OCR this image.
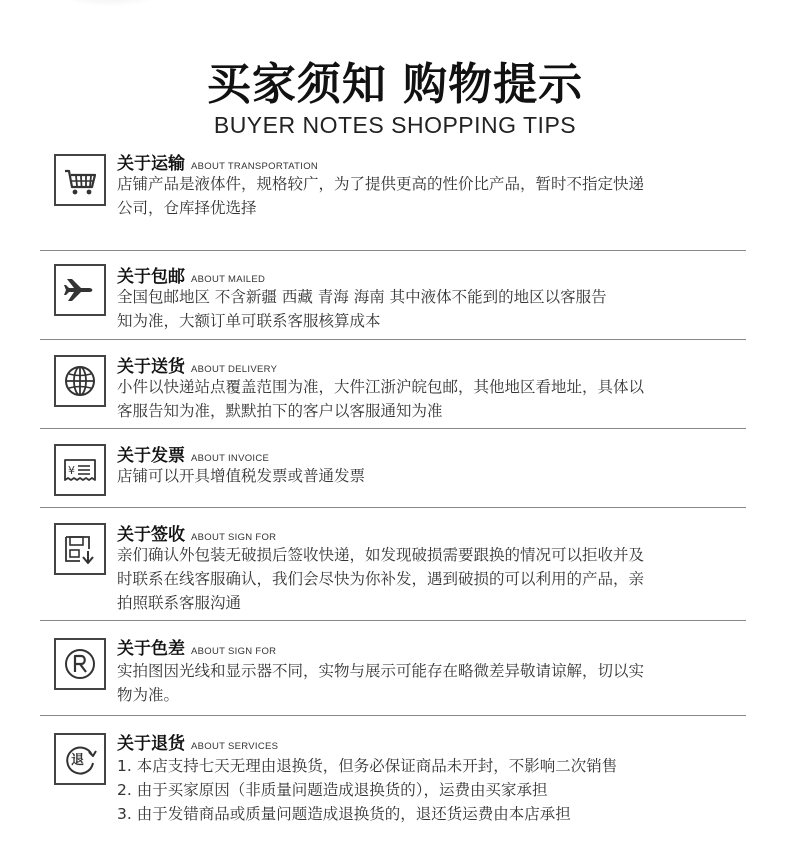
买家须知 购物提示
BUYER NOTES SHOPPING TIPS
关于运输 ABOUT TRANSPORTATION
店铺产品是液体件，规格较广，为了提供更高的性价比产品，暂时不指定快递
公司，仓库择优选择
关于包邮 ABOUT MAILED
全国包邮地区 不含新疆 西藏 青海 海南 其中液体不能到的地区以客服告
知为准，大额订单可联系客服核算成本
关于送货 ABOUT DELIVERY
小件以快递站点覆盖范围为准，大件江浙沪皖包邮，其他地区看地址，具体以
客服告知为准，默默拍下的客户以客服通知为准
¥
关于发票 ABOUT INVOICE
店铺可以开具增值税发票或普通发票
关于签收 ABOUT SIGN FOR
亲们确认外包装无破损后签收快递，如发现破损需要跟换的情况可以拒收并及
时联系在线客服确认，我们会尽快为你补发，遇到破损的可以利用的产品，亲
拍照联系客服沟通
关于色差 ABOUT SIGN FOR
实拍图因光线和显示器不同，实物与展示可能存在略微差异敬请谅解，切以实
物为准。
退
关于退货 ABOUT SERVICES
1. 本店支持七天无理由退换货，但务必保证商品未开封，不影响二次销售
2. 由于买家原因（非质量问题造成退换货的），运费由买家承担
3. 由于发错商品或质量问题造成退换货的，退还货运费由本店承担
